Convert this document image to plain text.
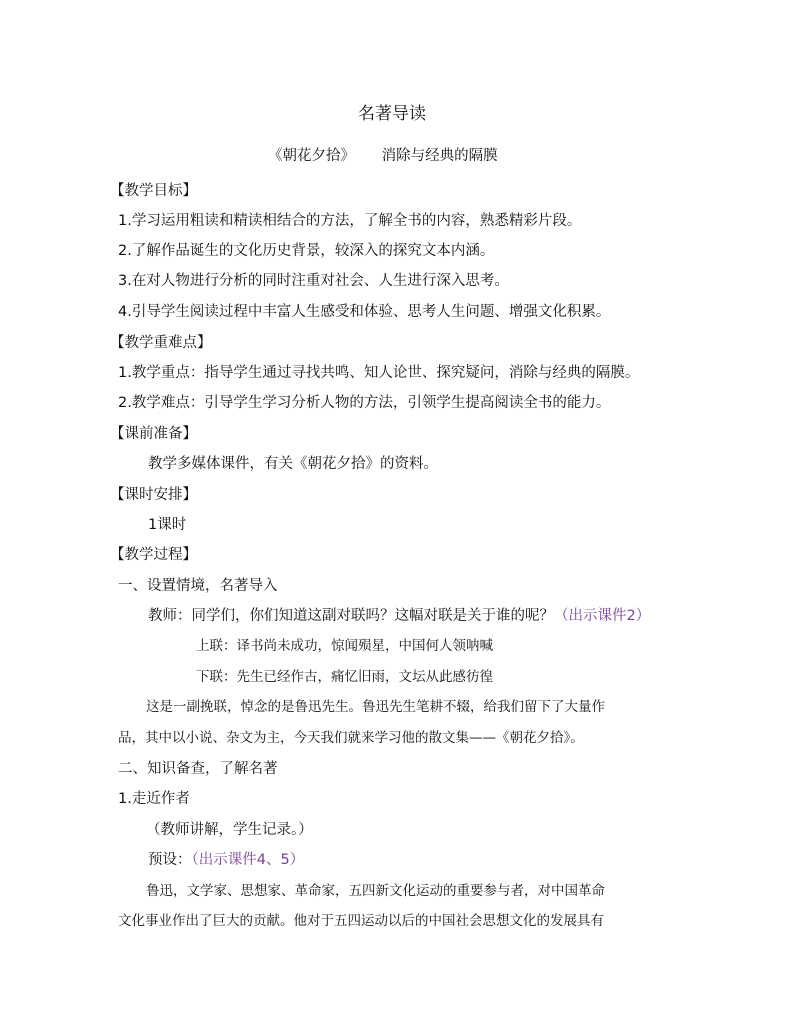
名著导读
《朝花夕拾》 消除与经典的隔膜
【教学目标】
1.学习运用粗读和精读相结合的方法，了解全书的内容，熟悉精彩片段。
2.了解作品诞生的文化历史背景，较深入的探究文本内涵。
3.在对人物进行分析的同时注重对社会、人生进行深入思考。
4.引导学生阅读过程中丰富人生感受和体验、思考人生问题、增强文化积累。
【教学重难点】
1.教学重点：指导学生通过寻找共鸣、知人论世、探究疑问，消除与经典的隔膜。
2.教学难点：引导学生学习分析人物的方法，引领学生提高阅读全书的能力。
【课前准备】
教学多媒体课件，有关《朝花夕拾》的资料。
【课时安排】
1课时
【教学过程】
一、设置情境，名著导入
教师：同学们，你们知道这副对联吗？这幅对联是关于谁的呢？（出示课件2）
上联：译书尚未成功，惊闻殒星，中国何人领呐喊
下联：先生已经作古，痛忆旧雨，文坛从此感彷徨
这是一副挽联，悼念的是鲁迅先生。鲁迅先生笔耕不辍，给我们留下了大量作
品，其中以小说、杂文为主，今天我们就来学习他的散文集——《朝花夕拾》。
二、知识备查，了解名著
1.走近作者
（教师讲解，学生记录。）
预设：（出示课件4、5）
鲁迅，文学家、思想家、革命家，五四新文化运动的重要参与者，对中国革命
文化事业作出了巨大的贡献。他对于五四运动以后的中国社会思想文化的发展具有
